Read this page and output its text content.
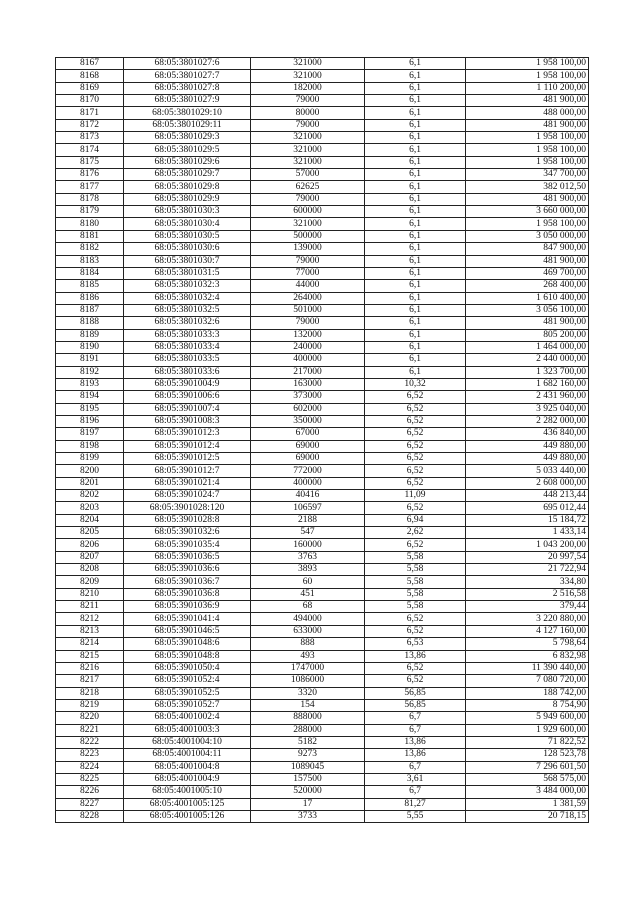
8167	68:05:3801027:6	321000	6,1	1 958 100,00
8168	68:05:3801027:7	321000	6,1	1 958 100,00
8169	68:05:3801027:8	182000	6,1	1 110 200,00
8170	68:05:3801027:9	79000	6,1	481 900,00
8171	68:05:3801029:10	80000	6,1	488 000,00
8172	68:05:3801029:11	79000	6,1	481 900,00
8173	68:05:3801029:3	321000	6,1	1 958 100,00
8174	68:05:3801029:5	321000	6,1	1 958 100,00
8175	68:05:3801029:6	321000	6,1	1 958 100,00
8176	68:05:3801029:7	57000	6,1	347 700,00
8177	68:05:3801029:8	62625	6,1	382 012,50
8178	68:05:3801029:9	79000	6,1	481 900,00
8179	68:05:3801030:3	600000	6,1	3 660 000,00
8180	68:05:3801030:4	321000	6,1	1 958 100,00
8181	68:05:3801030:5	500000	6,1	3 050 000,00
8182	68:05:3801030:6	139000	6,1	847 900,00
8183	68:05:3801030:7	79000	6,1	481 900,00
8184	68:05:3801031:5	77000	6,1	469 700,00
8185	68:05:3801032:3	44000	6,1	268 400,00
8186	68:05:3801032:4	264000	6,1	1 610 400,00
8187	68:05:3801032:5	501000	6,1	3 056 100,00
8188	68:05:3801032:6	79000	6,1	481 900,00
8189	68:05:3801033:3	132000	6,1	805 200,00
8190	68:05:3801033:4	240000	6,1	1 464 000,00
8191	68:05:3801033:5	400000	6,1	2 440 000,00
8192	68:05:3801033:6	217000	6,1	1 323 700,00
8193	68:05:3901004:9	163000	10,32	1 682 160,00
8194	68:05:3901006:6	373000	6,52	2 431 960,00
8195	68:05:3901007:4	602000	6,52	3 925 040,00
8196	68:05:3901008:3	350000	6,52	2 282 000,00
8197	68:05:3901012:3	67000	6,52	436 840,00
8198	68:05:3901012:4	69000	6,52	449 880,00
8199	68:05:3901012:5	69000	6,52	449 880,00
8200	68:05:3901012:7	772000	6,52	5 033 440,00
8201	68:05:3901021:4	400000	6,52	2 608 000,00
8202	68:05:3901024:7	40416	11,09	448 213,44
8203	68:05:3901028:120	106597	6,52	695 012,44
8204	68:05:3901028:8	2188	6,94	15 184,72
8205	68:05:3901032:6	547	2,62	1 433,14
8206	68:05:3901035:4	160000	6,52	1 043 200,00
8207	68:05:3901036:5	3763	5,58	20 997,54
8208	68:05:3901036:6	3893	5,58	21 722,94
8209	68:05:3901036:7	60	5,58	334,80
8210	68:05:3901036:8	451	5,58	2 516,58
8211	68:05:3901036:9	68	5,58	379,44
8212	68:05:3901041:4	494000	6,52	3 220 880,00
8213	68:05:3901046:5	633000	6,52	4 127 160,00
8214	68:05:3901048:6	888	6,53	5 798,64
8215	68:05:3901048:8	493	13,86	6 832,98
8216	68:05:3901050:4	1747000	6,52	11 390 440,00
8217	68:05:3901052:4	1086000	6,52	7 080 720,00
8218	68:05:3901052:5	3320	56,85	188 742,00
8219	68:05:3901052:7	154	56,85	8 754,90
8220	68:05:4001002:4	888000	6,7	5 949 600,00
8221	68:05:4001003:3	288000	6,7	1 929 600,00
8222	68:05:4001004:10	5182	13,86	71 822,52
8223	68:05:4001004:11	9273	13,86	128 523,78
8224	68:05:4001004:8	1089045	6,7	7 296 601,50
8225	68:05:4001004:9	157500	3,61	568 575,00
8226	68:05:4001005:10	520000	6,7	3 484 000,00
8227	68:05:4001005:125	17	81,27	1 381,59
8228	68:05:4001005:126	3733	5,55	20 718,15
